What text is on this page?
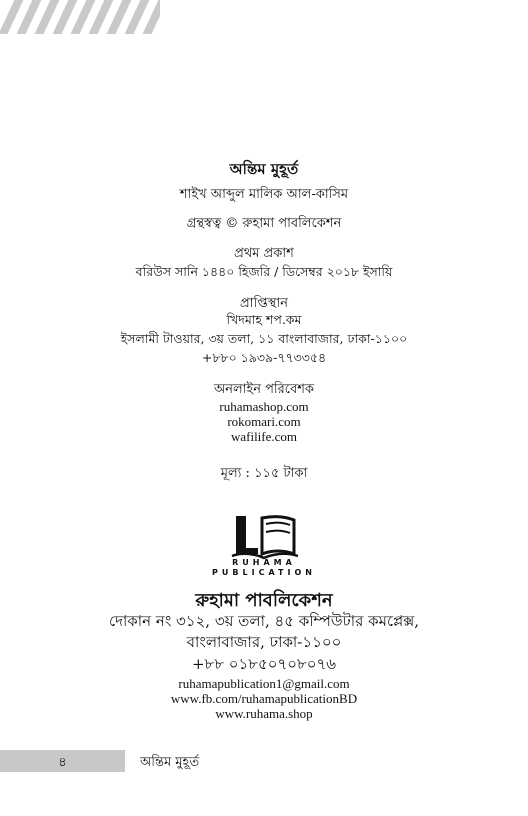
অন্তিম মুহূর্ত
শাইখ আব্দুল মালিক আল-কাসিম
গ্রন্থস্বত্ব © রুহামা পাবলিকেশন
প্রথম প্রকাশ
বরিউস সানি ১৪৪০ হিজরি / ডিসেম্বর ২০১৮ ইসায়ি
প্রাপ্তিস্থান
খিদমাহ শপ.কম
ইসলামী টাওয়ার, ৩য় তলা, ১১ বাংলাবাজার, ঢাকা-১১০০
+৮৮০ ১৯৩৯-৭৭৩৩৫৪
অনলাইন পরিবেশক
ruhamashop.com
rokomari.com
wafilife.com
মূল্য : ১১৫ টাকা
RUHAMA
PUBLICATION
রুহামা পাবলিকেশন
দোকান নং ৩১২, ৩য় তলা, ৪৫ কম্পিউটার কমপ্লেক্স,
বাংলাবাজার, ঢাকা-১১০০
+৮৮ ০১৮৫০৭০৮০৭৬
ruhamapublication1@gmail.com
www.fb.com/ruhamapublicationBD
www.ruhama.shop
৪	অন্তিম মুহূর্ত
